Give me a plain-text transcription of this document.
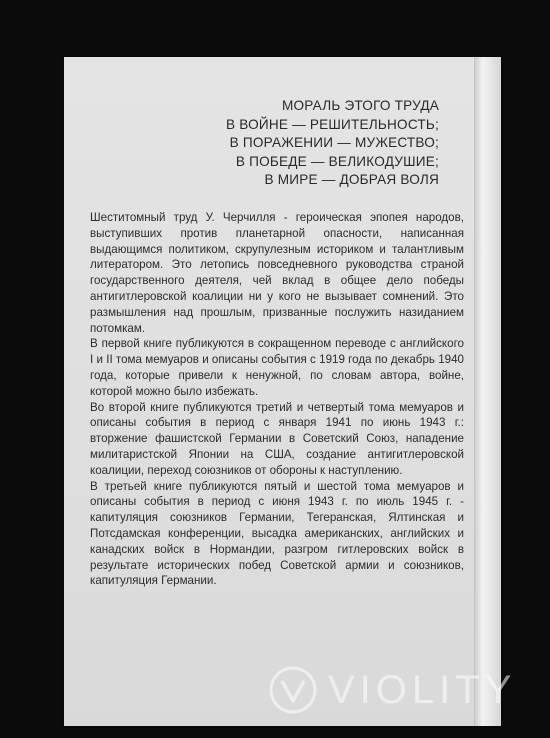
МОРАЛЬ ЭТОГО ТРУДА
В ВОЙНЕ — РЕШИТЕЛЬНОСТЬ;
В ПОРАЖЕНИИ — МУЖЕСТВО;
В ПОБЕДЕ — ВЕЛИКОДУШИЕ;
В МИРЕ — ДОБРАЯ ВОЛЯ

Шеститомный труд У. Черчилля - героическая эпопея народов, выступивших против планетарной опасности, написанная выдающимся политиком, скрупулезным историком и талантливым литератором. Это летопись повседневного руководства страной государственного деятеля, чей вклад в общее дело победы антигитлеровской коалиции ни у кого не вызывает сомнений. Это размышления над прошлым, призванные послужить назиданием потомкам.

В первой книге публикуются в сокращенном переводе с английского I и II тома мемуаров и описаны события с 1919 года по декабрь 1940 года, которые привели к ненужной, по словам автора, войне, которой можно было избежать.

Во второй книге публикуются третий и четвертый тома мемуаров и описаны события в период с января 1941 по июнь 1943 г.: вторжение фашистской Германии в Советский Союз, нападение милитаристской Японии на США, создание антигитлеровской коалиции, переход союзников от обороны к наступлению.

В третьей книге публикуются пятый и шестой тома мемуаров и описаны события в период с июня 1943 г. по июль 1945 г. - капитуляция союзников Германии, Тегеранская, Ялтинская и Потсдамская конференции, высадка американских, английских и канадских войск в Нормандии, разгром гитлеровских войск в результате исторических побед Советской армии и союзников, капитуляция Германии.

VIOLITY
